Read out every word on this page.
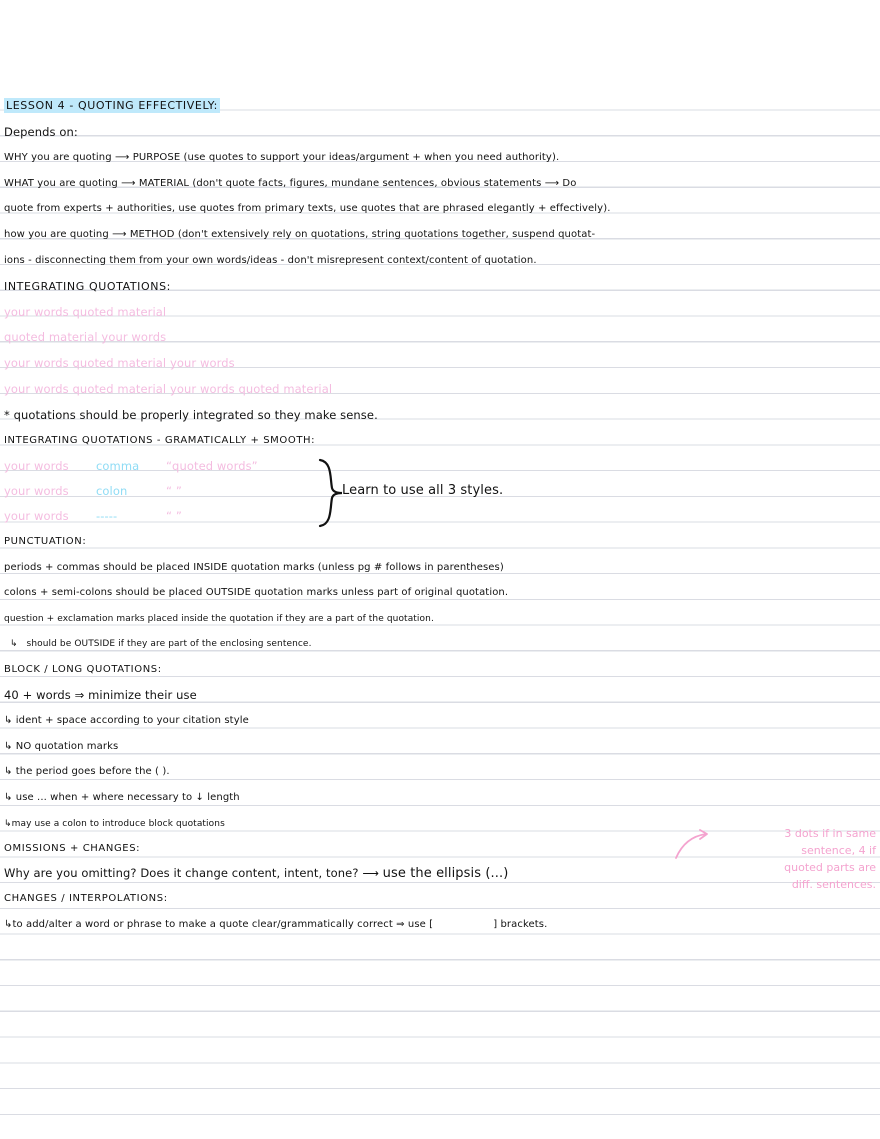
LESSON 4 - QUOTING EFFECTIVELY:
Depends on:
WHY you are quoting ⟶ PURPOSE (use quotes to support your ideas/argument + when you need authority).
WHAT you are quoting ⟶ MATERIAL (don't quote facts, figures, mundane sentences, obvious statements ⟶ Do
quote from experts + authorities, use quotes from primary texts, use quotes that are phrased elegantly + effectively).
how you are quoting ⟶ METHOD (don't extensively rely on quotations, string quotations together, suspend quotat-
ions - disconnecting them from your own words/ideas - don't misrepresent context/content of quotation.
INTEGRATING QUOTATIONS:
your words quoted material
quoted material your words
your words quoted material your words
your words quoted material your words quoted material
* quotations should be properly integrated so they make sense.
INTEGRATING QUOTATIONS - GRAMATICALLY + SMOOTH:
your words comma “quoted words”
your words colon	“ ”
your words -----	“ ”
Learn to use all 3 styles.
PUNCTUATION:
periods + commas should be placed INSIDE quotation marks (unless pg # follows in parentheses)
colons + semi-colons should be placed OUTSIDE quotation marks unless part of original quotation.
question + exclamation marks placed inside the quotation if they are a part of the quotation.
↳   should be OUTSIDE if they are part of the enclosing sentence.
BLOCK / LONG QUOTATIONS:
40 + words ⇒ minimize their use
↳ ident + space according to your citation style
↳ NO quotation marks
↳ the period goes before the ( ).
↳ use ... when + where necessary to ↓ length
↳may use a colon to introduce block quotations
OMISSIONS + CHANGES:
Why are you omitting? Does it change content, intent, tone? ⟶ use the ellipsis (...)
3 dots if in same
sentence, 4 if
quoted parts are
diff. sentences.
CHANGES / INTERPOLATIONS:
↳to add/alter a word or phrase to make a quote clear/grammatically correct ⇒ use [	] brackets.
